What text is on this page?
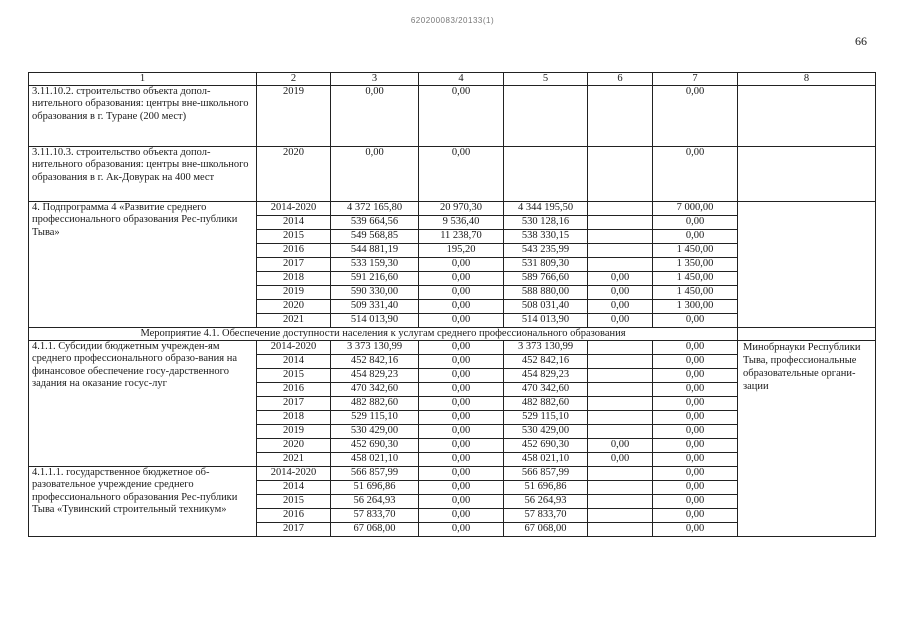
620200083/20133(1)
66
1	2	3	4	5	6	7	8
3.11.10.2. строительство объекта допол-нительного образования: центры вне-школьного образования в г. Туране (200 мест)	2019	0,00	0,00			0,00	
3.11.10.3. строительство объекта допол-нительного образования: центры вне-школьного образования в г. Ак-Довурак на 400 мест	2020	0,00	0,00			0,00	
4. Подпрограмма 4 «Развитие среднего профессионального образования Рес-публики Тыва»	2014-2020	4 372 165,80	20 970,30	4 344 195,50		7 000,00	
	2014	539 664,56	9 536,40	530 128,16		0,00	
	2015	549 568,85	11 238,70	538 330,15		0,00	
	2016	544 881,19	195,20	543 235,99		1 450,00	
	2017	533 159,30	0,00	531 809,30		1 350,00	
	2018	591 216,60	0,00	589 766,60	0,00	1 450,00	
	2019	590 330,00	0,00	588 880,00	0,00	1 450,00	
	2020	509 331,40	0,00	508 031,40	0,00	1 300,00	
	2021	514 013,90	0,00	514 013,90	0,00	0,00	
Мероприятие 4.1. Обеспечение доступности населения к услугам среднего профессионального образования							
4.1.1. Субсидии бюджетным учрежден-ям среднего профессионального образо-вания на финансовое обеспечение госу-дарственного задания на оказание госус-луг	2014-2020	3 373 130,99	0,00	3 373 130,99		0,00	Минобрнауки Республики Тыва, профессиональные образовательные органи-зации
	2014	452 842,16	0,00	452 842,16		0,00	
	2015	454 829,23	0,00	454 829,23		0,00	
	2016	470 342,60	0,00	470 342,60		0,00	
	2017	482 882,60	0,00	482 882,60		0,00	
	2018	529 115,10	0,00	529 115,10		0,00	
	2019	530 429,00	0,00	530 429,00		0,00	
	2020	452 690,30	0,00	452 690,30	0,00	0,00	
	2021	458 021,10	0,00	458 021,10	0,00	0,00	
4.1.1.1. государственное бюджетное об-разовательное учреждение среднего профессионального образования Рес-публики Тыва «Тувинский строительный техникум»	2014-2020	566 857,99	0,00	566 857,99		0,00	
	2014	51 696,86	0,00	51 696,86		0,00	
	2015	56 264,93	0,00	56 264,93		0,00	
	2016	57 833,70	0,00	57 833,70		0,00	
	2017	67 068,00	0,00	67 068,00		0,00	
